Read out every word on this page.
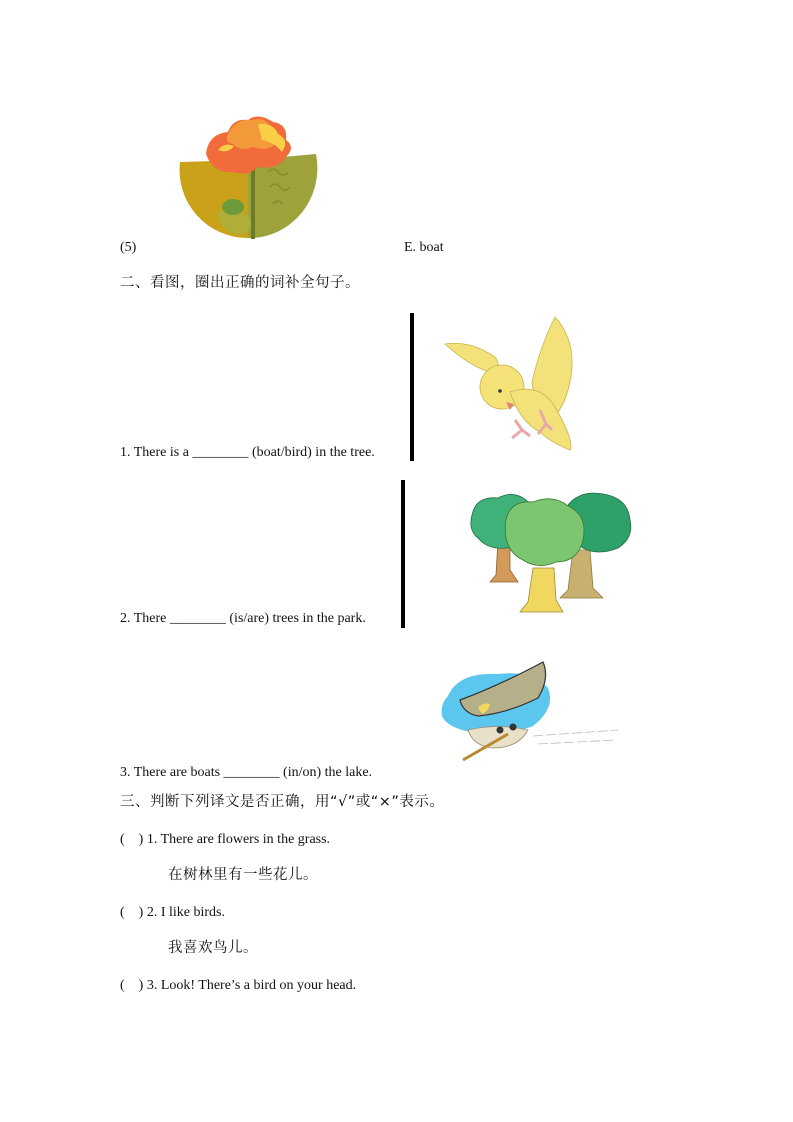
(5)	E. boat
二、看图，圈出正确的词补全句子。
1. There is a ________ (boat/bird) in the tree.
2. There ________ (is/are) trees in the park.
3. There are boats ________ (in/on) the lake.
三、判断下列译文是否正确，用“√”或“×”表示。
(    ) 1. There are flowers in the grass.
在树林里有一些花儿。
(    ) 2. I like birds.
我喜欢鸟儿。
(    ) 3. Look! There’s a bird on your head.
